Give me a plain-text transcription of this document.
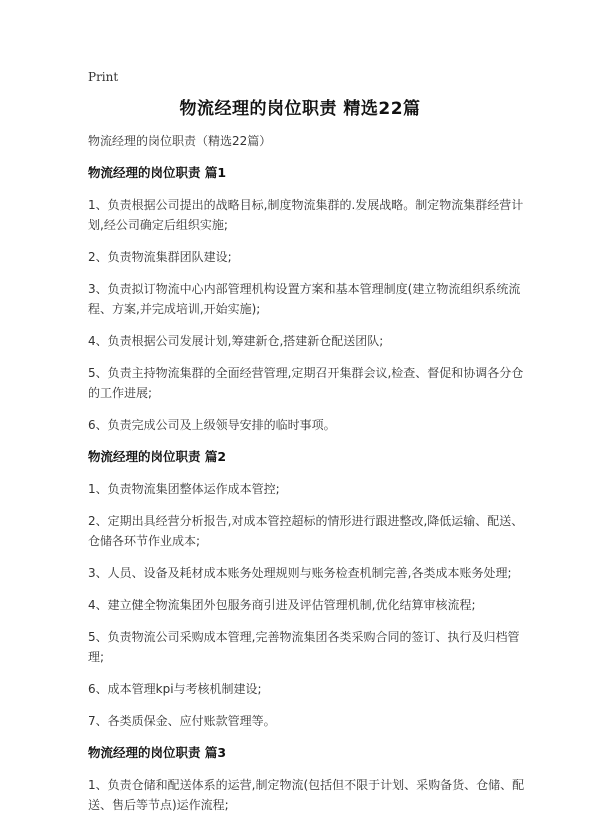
Print
物流经理的岗位职责 精选22篇
物流经理的岗位职责（精选22篇）
物流经理的岗位职责 篇1
1、负责根据公司提出的战略目标,制度物流集群的.发展战略。制定物流集群经营计划,经公司确定后组织实施;
2、负责物流集群团队建设;
3、负责拟订物流中心内部管理机构设置方案和基本管理制度(建立物流组织系统流程、方案,并完成培训,开始实施);
4、负责根据公司发展计划,筹建新仓,搭建新仓配送团队;
5、负责主持物流集群的全面经营管理,定期召开集群会议,检查、督促和协调各分仓的工作进展;
6、负责完成公司及上级领导安排的临时事项。
物流经理的岗位职责 篇2
1、负责物流集团整体运作成本管控;
2、定期出具经营分析报告,对成本管控超标的情形进行跟进整改,降低运输、配送、仓储各环节作业成本;
3、人员、设备及耗材成本账务处理规则与账务检查机制完善,各类成本账务处理;
4、建立健全物流集团外包服务商引进及评估管理机制,优化结算审核流程;
5、负责物流公司采购成本管理,完善物流集团各类采购合同的签订、执行及归档管理;
6、成本管理kpi与考核机制建设;
7、各类质保金、应付账款管理等。
物流经理的岗位职责 篇3
1、负责仓储和配送体系的运营,制定物流(包括但不限于计划、采购备货、仓储、配送、售后等节点)运作流程;
